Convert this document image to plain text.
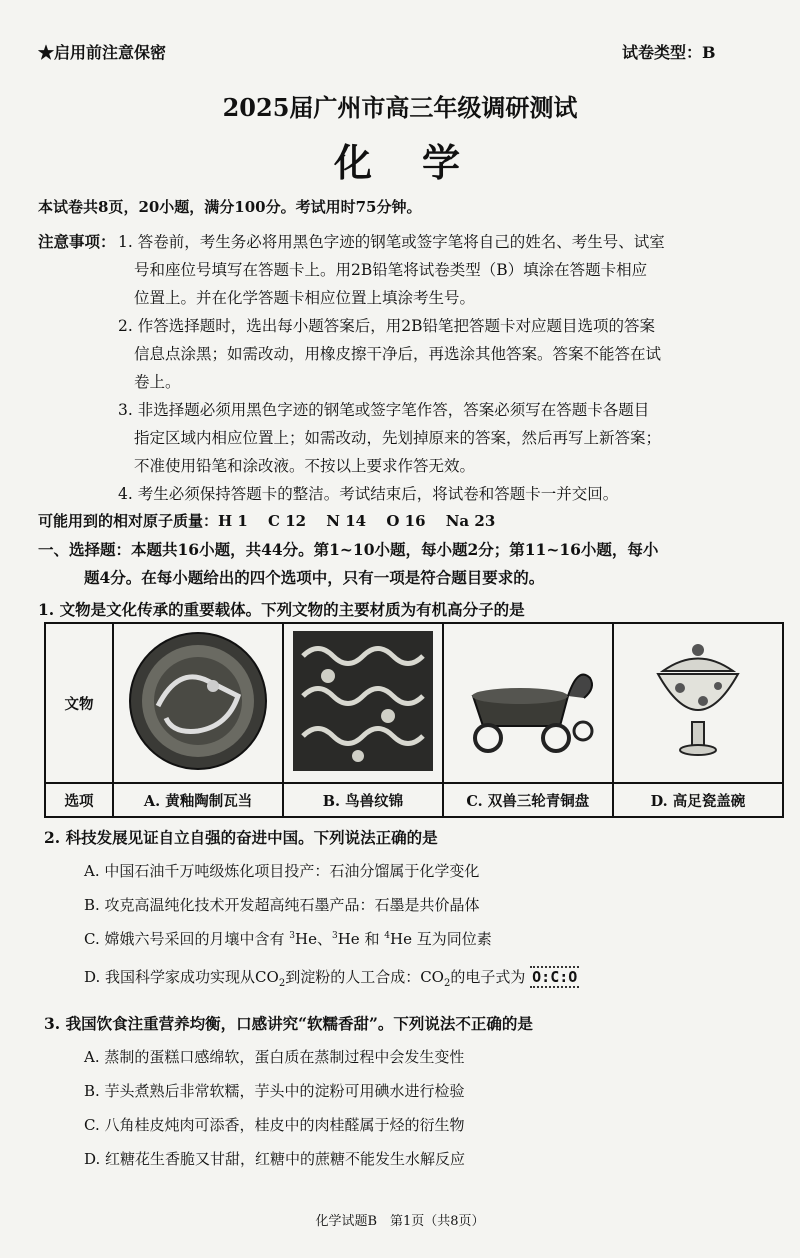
★启用前注意保密	试卷类型：B
2025届广州市高三年级调研测试
化　学
本试卷共8页，20小题，满分100分。考试用时75分钟。
注意事项： 1. 答卷前，考生务必将用黑色字迹的钢笔或签字笔将自己的姓名、考生号、试室
号和座位号填写在答题卡上。用2B铅笔将试卷类型（B）填涂在答题卡相应
位置上。并在化学答题卡相应位置上填涂考生号。
2. 作答选择题时，选出每小题答案后，用2B铅笔把答题卡对应题目选项的答案
信息点涂黑；如需改动，用橡皮擦干净后，再选涂其他答案。答案不能答在试
卷上。
3. 非选择题必须用黑色字迹的钢笔或签字笔作答，答案必须写在答题卡各题目
指定区域内相应位置上；如需改动，先划掉原来的答案，然后再写上新答案；
不准使用铅笔和涂改液。不按以上要求作答无效。
4. 考生必须保持答题卡的整洁。考试结束后，将试卷和答题卡一并交回。
可能用到的相对原子质量：H 1　 C 12　 N 14　 O 16　 Na 23
一、选择题：本题共16小题，共44分。第1~10小题，每小题2分；第11~16小题，每小
题4分。在每小题给出的四个选项中，只有一项是符合题目要求的。
1. 文物是文化传承的重要载体。下列文物的主要材质为有机高分子的是
文物				
选项	A. 黄釉陶制瓦当	B. 鸟兽纹锦	C. 双兽三轮青铜盘	D. 高足瓷盖碗
2. 科技发展见证自立自强的奋进中国。下列说法正确的是
A. 中国石油千万吨级炼化项目投产：石油分馏属于化学变化
B. 攻克高温纯化技术开发超高纯石墨产品：石墨是共价晶体
C. 嫦娥六号采回的月壤中含有 $^3$He、$^3$He 和 $^4$He 互为同位素
D. 我国科学家成功实现从$CO_2$到淀粉的人工合成：$CO_2$的电子式为 O:C:O
3. 我国饮食注重营养均衡，口感讲究“软糯香甜”。下列说法不正确的是
A. 蒸制的蛋糕口感绵软，蛋白质在蒸制过程中会发生变性
B. 芋头煮熟后非常软糯，芋头中的淀粉可用碘水进行检验
C. 八角桂皮炖肉可添香，桂皮中的肉桂醛属于烃的衍生物
D. 红糖花生香脆又甘甜，红糖中的蔗糖不能发生水解反应
化学试题B　第1页（共8页）
